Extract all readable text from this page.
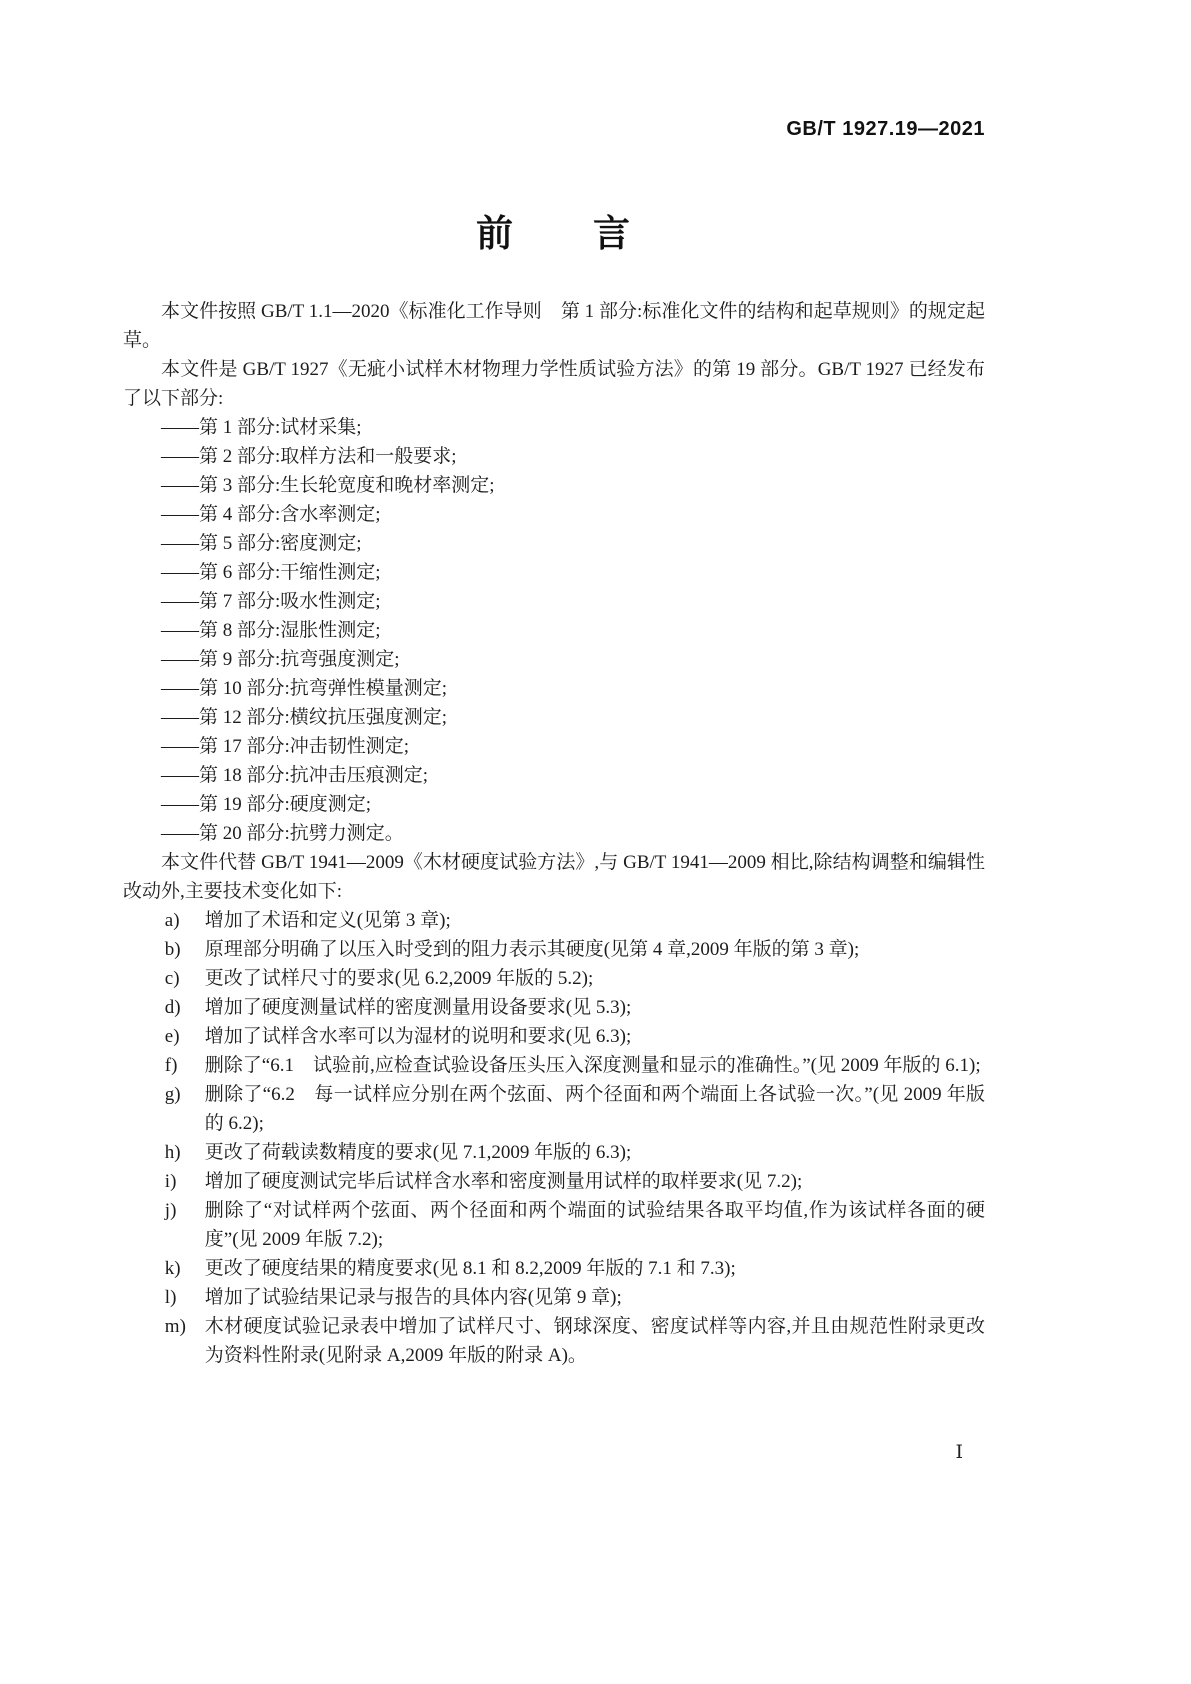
GB/T 1927.19—2021
前　　言

本文件按照 GB/T 1.1—2020《标准化工作导则　第 1 部分:标准化文件的结构和起草规则》的规定起草。

本文件是 GB/T 1927《无疵小试样木材物理力学性质试验方法》的第 19 部分。GB/T 1927 已经发布了以下部分:

——第 1 部分:试材采集;
——第 2 部分:取样方法和一般要求;
——第 3 部分:生长轮宽度和晚材率测定;
——第 4 部分:含水率测定;
——第 5 部分:密度测定;
——第 6 部分:干缩性测定;
——第 7 部分:吸水性测定;
——第 8 部分:湿胀性测定;
——第 9 部分:抗弯强度测定;
——第 10 部分:抗弯弹性模量测定;
——第 12 部分:横纹抗压强度测定;
——第 17 部分:冲击韧性测定;
——第 18 部分:抗冲击压痕测定;
——第 19 部分:硬度测定;
——第 20 部分:抗劈力测定。

本文件代替 GB/T 1941—2009《木材硬度试验方法》,与 GB/T 1941—2009 相比,除结构调整和编辑性改动外,主要技术变化如下:

a)	增加了术语和定义(见第 3 章);
b)	原理部分明确了以压入时受到的阻力表示其硬度(见第 4 章,2009 年版的第 3 章);
c)	更改了试样尺寸的要求(见 6.2,2009 年版的 5.2);
d)	增加了硬度测量试样的密度测量用设备要求(见 5.3);
e)	增加了试样含水率可以为湿材的说明和要求(见 6.3);
f)	删除了“6.1　试验前,应检查试验设备压头压入深度测量和显示的准确性。”(见 2009 年版的 6.1);
g)	删除了“6.2　每一试样应分别在两个弦面、两个径面和两个端面上各试验一次。”(见 2009 年版的 6.2);
h)	更改了荷载读数精度的要求(见 7.1,2009 年版的 6.3);
i)	增加了硬度测试完毕后试样含水率和密度测量用试样的取样要求(见 7.2);
j)	删除了“对试样两个弦面、两个径面和两个端面的试验结果各取平均值,作为该试样各面的硬度”(见 2009 年版 7.2);
k)	更改了硬度结果的精度要求(见 8.1 和 8.2,2009 年版的 7.1 和 7.3);
l)	增加了试验结果记录与报告的具体内容(见第 9 章);
m) 木材硬度试验记录表中增加了试样尺寸、钢球深度、密度试样等内容,并且由规范性附录更改为资料性附录(见附录 A,2009 年版的附录 A)。
Ⅰ
